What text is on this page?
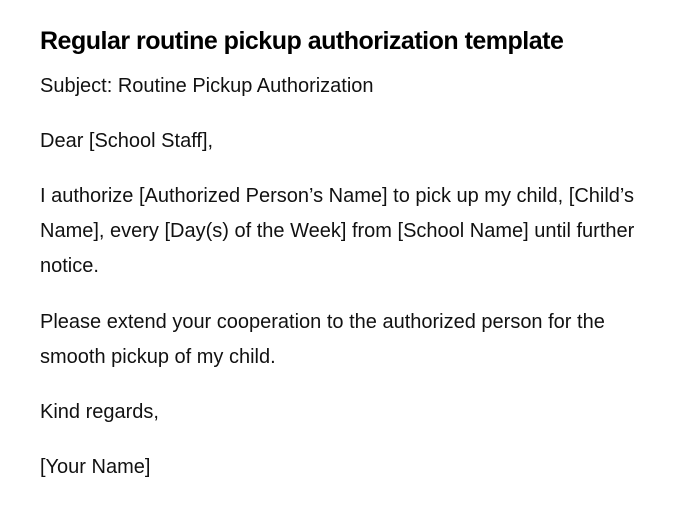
Regular routine pickup authorization template

Subject: Routine Pickup Authorization

Dear [School Staff],

I authorize [Authorized Person’s Name] to pick up my child, [Child’s Name], every [Day(s) of the Week] from [School Name] until further notice.

Please extend your cooperation to the authorized person for the smooth pickup of my child.

Kind regards,

[Your Name]
